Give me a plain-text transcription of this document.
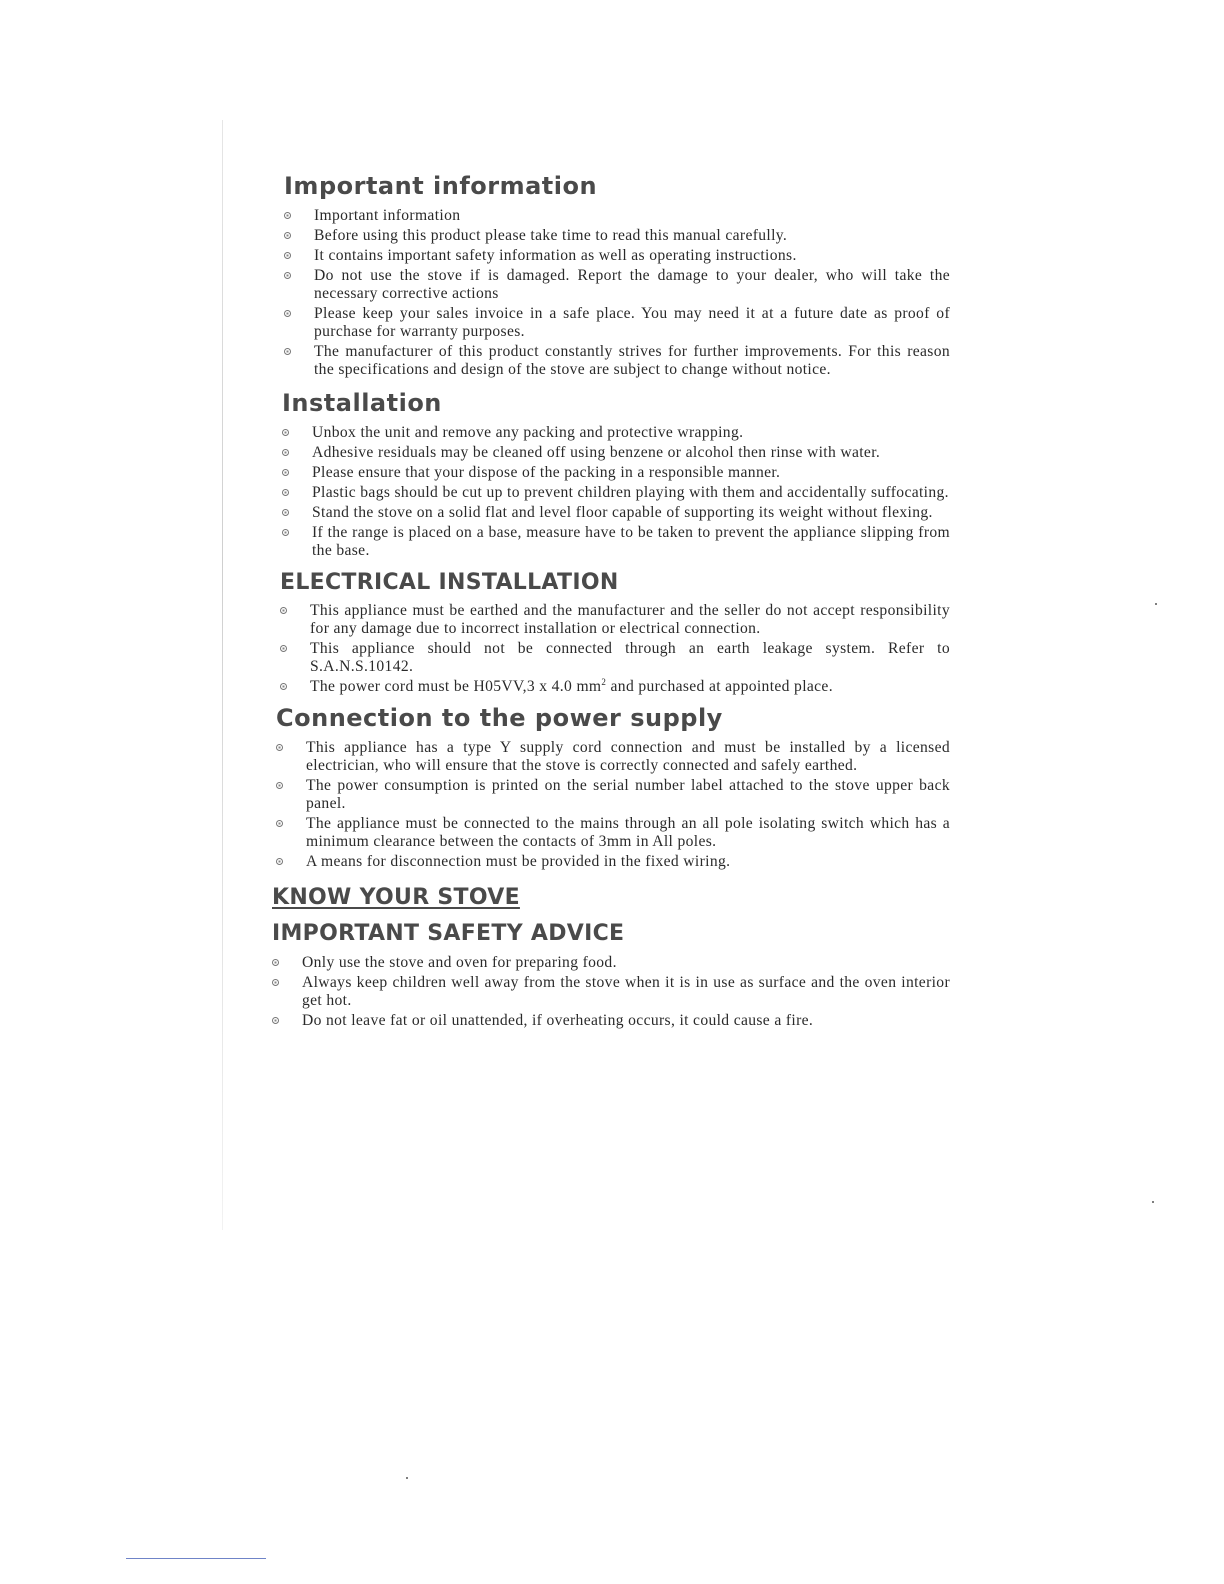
Important information
Important information
Before using this product please take time to read this manual carefully.
It contains important safety information as well as operating instructions.
Do not use the stove if is damaged. Report the damage to your dealer, who will take the necessary corrective actions
Please keep your sales invoice in a safe place. You may need it at a future date as proof of purchase for warranty purposes.
The manufacturer of this product constantly strives for further improvements. For this reason the specifications and design of the stove are subject to change without notice.
Installation
Unbox the unit and remove any packing and protective wrapping.
Adhesive residuals may be cleaned off using benzene or alcohol then rinse with water.
Please ensure that your dispose of the packing in a responsible manner.
Plastic bags should be cut up to prevent children playing with them and accidentally suffocating.
Stand the stove on a solid flat and level floor capable of supporting its weight without flexing.
If the range is placed on a base, measure have to be taken to prevent the appliance slipping from the base.
ELECTRICAL INSTALLATION
This appliance must be earthed and the manufacturer and the seller do not accept responsibility for any damage due to incorrect installation or electrical connection.
This appliance should not be connected through an earth leakage system. Refer to S.A.N.S.10142.
The power cord must be H05VV,3 x 4.0 $mm^2$ and purchased at appointed place.
Connection to the power supply
This appliance has a type Y supply cord connection and must be installed by a licensed electrician, who will ensure that the stove is correctly connected and safely earthed.
The power consumption is printed on the serial number label attached to the stove upper back panel.
The appliance must be connected to the mains through an all pole isolating switch which has a minimum clearance between the contacts of 3mm in All poles.
A means for disconnection must be provided in the fixed wiring.
KNOW YOUR STOVE
IMPORTANT SAFETY ADVICE
Only use the stove and oven for preparing food.
Always keep children well away from the stove when it is in use as surface and the oven interior get hot.
Do not leave fat or oil unattended, if overheating occurs, it could cause a fire.
